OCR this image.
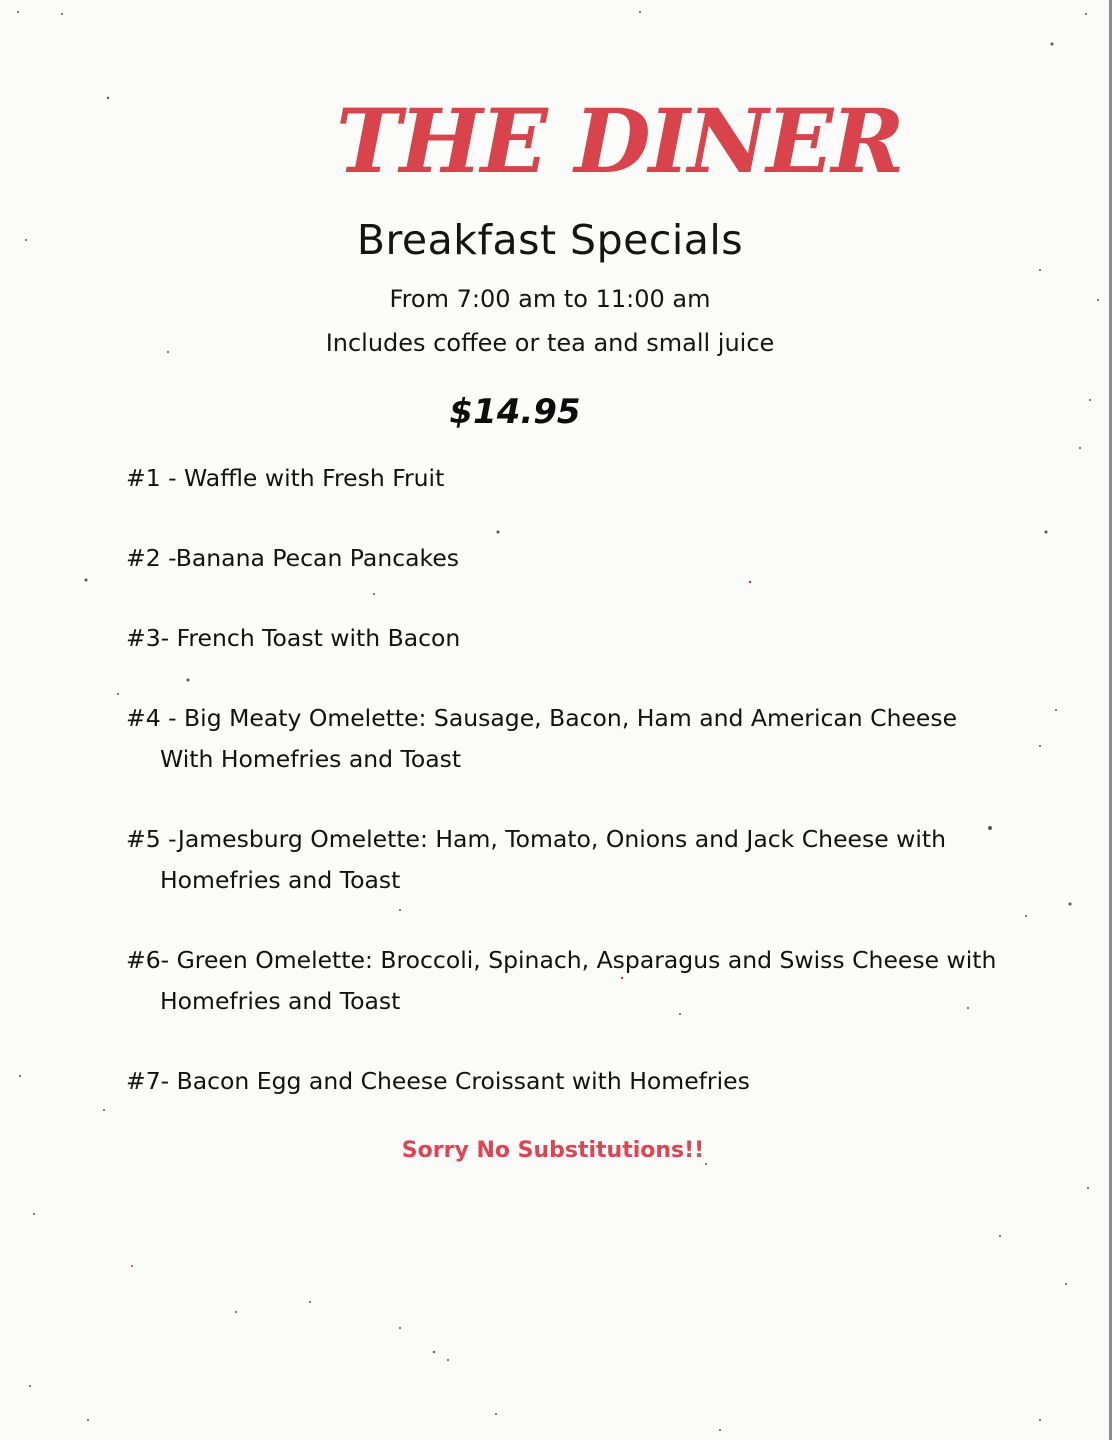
THE DINER
Breakfast Specials
From 7:00 am to 11:00 am
Includes coffee or tea and small juice
$14.95
#1 - Waffle with Fresh Fruit
#2 -Banana Pecan Pancakes
#3- French Toast with Bacon
#4 - Big Meaty Omelette: Sausage, Bacon, Ham and American Cheese
With Homefries and Toast
#5 -Jamesburg Omelette: Ham, Tomato, Onions and Jack Cheese with
Homefries and Toast
#6- Green Omelette: Broccoli, Spinach, Asparagus and Swiss Cheese with
Homefries and Toast
#7- Bacon Egg and Cheese Croissant with Homefries
Sorry No Substitutions!!
